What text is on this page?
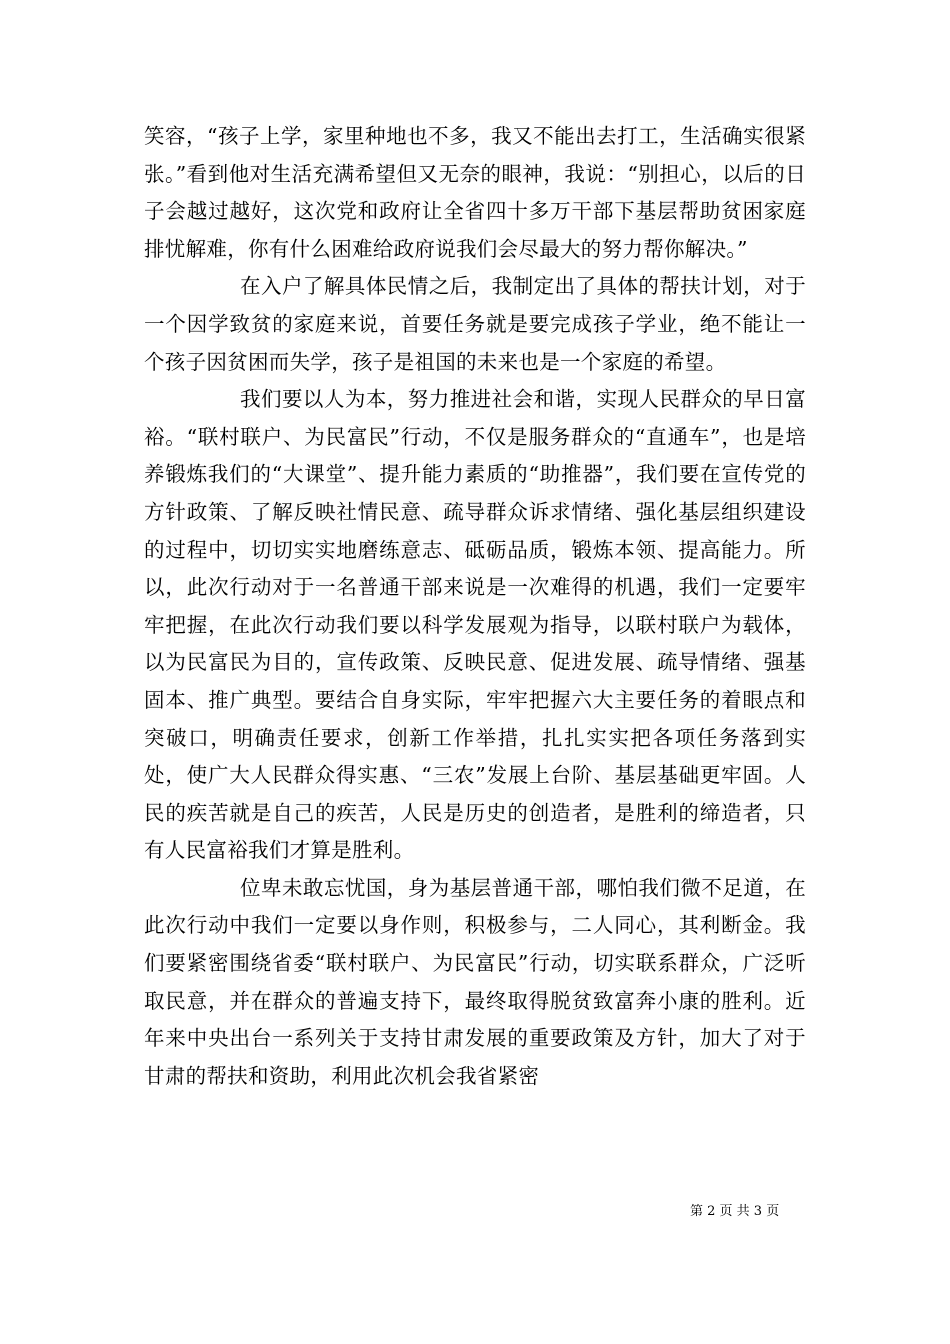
笑容，“孩子上学，家里种地也不多，我又不能出去打工，生活确实很紧张。”看到他对生活充满希望但又无奈的眼神，我说：“别担心，以后的日子会越过越好，这次党和政府让全省四十多万干部下基层帮助贫困家庭排忧解难，你有什么困难给政府说我们会尽最大的努力帮你解决。”

在入户了解具体民情之后，我制定出了具体的帮扶计划，对于一个因学致贫的家庭来说，首要任务就是要完成孩子学业，绝不能让一个孩子因贫困而失学，孩子是祖国的未来也是一个家庭的希望。

我们要以人为本，努力推进社会和谐，实现人民群众的早日富裕。“联村联户、为民富民”行动，不仅是服务群众的“直通车”，也是培养锻炼我们的“大课堂”、提升能力素质的“助推器”，我们要在宣传党的方针政策、了解反映社情民意、疏导群众诉求情绪、强化基层组织建设的过程中，切切实实地磨练意志、砥砺品质，锻炼本领、提高能力。所以，此次行动对于一名普通干部来说是一次难得的机遇，我们一定要牢牢把握，在此次行动我们要以科学发展观为指导，以联村联户为载体，以为民富民为目的，宣传政策、反映民意、促进发展、疏导情绪、强基固本、推广典型。要结合自身实际，牢牢把握六大主要任务的着眼点和突破口，明确责任要求，创新工作举措，扎扎实实把各项任务落到实处，使广大人民群众得实惠、“三农”发展上台阶、基层基础更牢固。人民的疾苦就是自己的疾苦，人民是历史的创造者，是胜利的缔造者，只有人民富裕我们才算是胜利。

位卑未敢忘忧国，身为基层普通干部，哪怕我们微不足道，在此次行动中我们一定要以身作则，积极参与，二人同心，其利断金。我们要紧密围绕省委“联村联户、为民富民”行动，切实联系群众，广泛听取民意，并在群众的普遍支持下，最终取得脱贫致富奔小康的胜利。近年来中央出台一系列关于支持甘肃发展的重要政策及方针，加大了对于甘肃的帮扶和资助，利用此次机会我省紧密

第 2 页 共 3 页
